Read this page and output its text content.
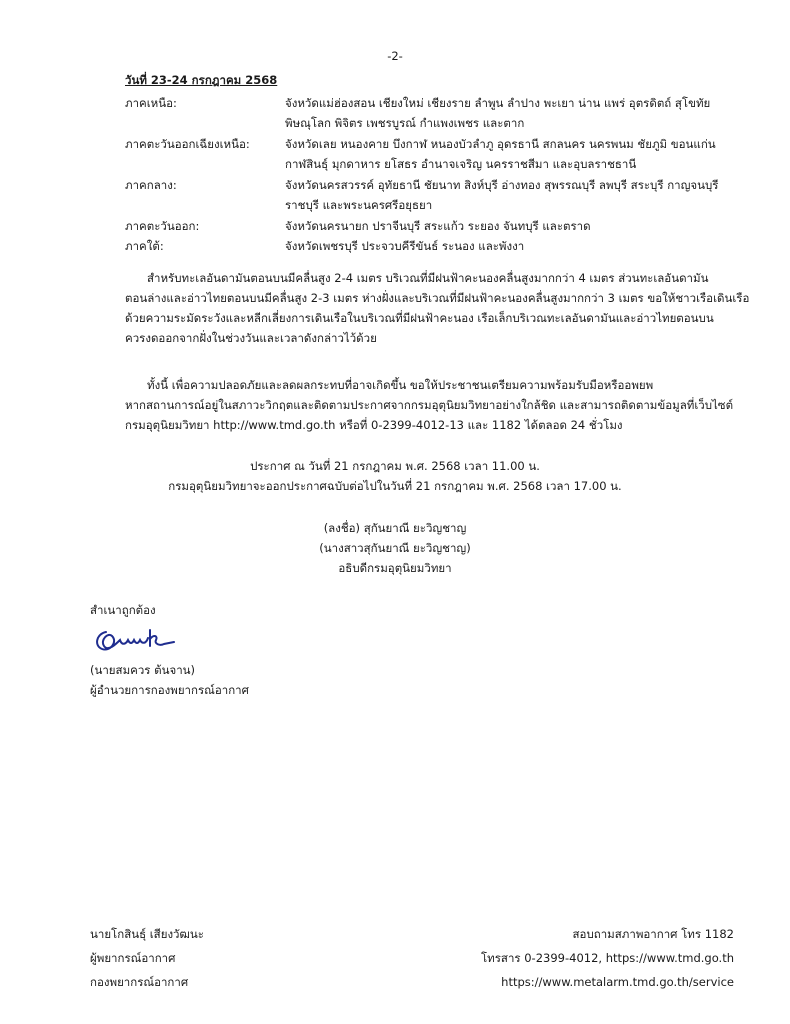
-2-
วันที่ 23-24 กรกฎาคม 2568
ภาคเหนือ:	จังหวัดแม่ฮ่องสอน เชียงใหม่ เชียงราย ลำพูน ลำปาง พะเยา น่าน แพร่ อุตรดิตถ์ สุโขทัย
พิษณุโลก พิจิตร เพชรบูรณ์ กำแพงเพชร และตาก
ภาคตะวันออกเฉียงเหนือ:	จังหวัดเลย หนองคาย บึงกาฬ หนองบัวลำภู อุดรธานี สกลนคร นครพนม ชัยภูมิ ขอนแก่น
กาฬสินธุ์ มุกดาหาร ยโสธร อำนาจเจริญ นครราชสีมา และอุบลราชธานี
ภาคกลาง:	จังหวัดนครสวรรค์ อุทัยธานี ชัยนาท สิงห์บุรี อ่างทอง สุพรรณบุรี ลพบุรี สระบุรี กาญจนบุรี
ราชบุรี และพระนครศรีอยุธยา
ภาคตะวันออก:	จังหวัดนครนายก ปราจีนบุรี สระแก้ว ระยอง จันทบุรี และตราด
ภาคใต้:	จังหวัดเพชรบุรี ประจวบคีรีขันธ์ ระนอง และพังงา
สำหรับทะเลอันดามันตอนบนมีคลื่นสูง 2-4 เมตร บริเวณที่มีฝนฟ้าคะนองคลื่นสูงมากกว่า 4 เมตร ส่วนทะเลอันดามัน
ตอนล่างและอ่าวไทยตอนบนมีคลื่นสูง 2-3 เมตร ห่างฝั่งและบริเวณที่มีฝนฟ้าคะนองคลื่นสูงมากกว่า 3 เมตร ขอให้ชาวเรือเดินเรือ
ด้วยความระมัดระวังและหลีกเลี่ยงการเดินเรือในบริเวณที่มีฝนฟ้าคะนอง เรือเล็กบริเวณทะเลอันดามันและอ่าวไทยตอนบน
ควรงดออกจากฝั่งในช่วงวันและเวลาดังกล่าวไว้ด้วย
ทั้งนี้ เพื่อความปลอดภัยและลดผลกระทบที่อาจเกิดขึ้น ขอให้ประชาชนเตรียมความพร้อมรับมือหรืออพยพ
หากสถานการณ์อยู่ในสภาวะวิกฤตและติดตามประกาศจากกรมอุตุนิยมวิทยาอย่างใกล้ชิด และสามารถติดตามข้อมูลที่เว็บไซต์
กรมอุตุนิยมวิทยา http://www.tmd.go.th หรือที่ 0-2399-4012-13 และ 1182 ได้ตลอด 24 ชั่วโมง
ประกาศ ณ วันที่ 21 กรกฎาคม พ.ศ. 2568 เวลา 11.00 น.
กรมอุตุนิยมวิทยาจะออกประกาศฉบับต่อไปในวันที่ 21 กรกฎาคม พ.ศ. 2568 เวลา 17.00 น.
(ลงชื่อ) สุกันยาณี ยะวิญชาญ
(นางสาวสุกันยาณี ยะวิญชาญ)
อธิบดีกรมอุตุนิยมวิทยา
สำเนาถูกต้อง
(นายสมควร ต้นจาน)
ผู้อำนวยการกองพยากรณ์อากาศ
นายโกสินธุ์ เสียงวัฒนะ
ผู้พยากรณ์อากาศ
กองพยากรณ์อากาศ
สอบถามสภาพอากาศ โทร 1182
โทรสาร 0-2399-4012, https://www.tmd.go.th
https://www.metalarm.tmd.go.th/service
